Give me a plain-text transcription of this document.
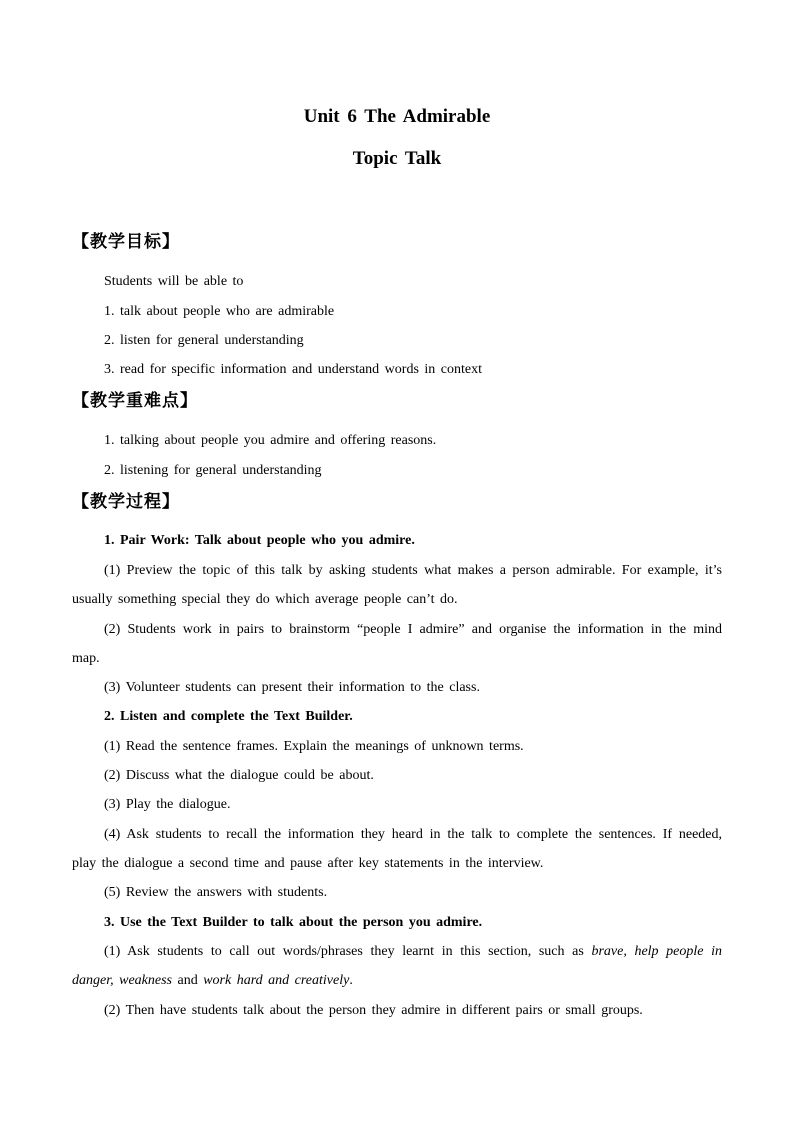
Unit 6 The Admirable
Topic Talk
【教学目标】
Students will be able to
1. talk about people who are admirable
2. listen for general understanding
3. read for specific information and understand words in context
【教学重难点】
1. talking about people you admire and offering reasons.
2. listening for general understanding
【教学过程】
1. Pair Work: Talk about people who you admire.
(1) Preview the topic of this talk by asking students what makes a person admirable. For example, it’s usually something special they do which average people can’t do.
(2) Students work in pairs to brainstorm “people I admire” and organise the information in the mind map.
(3) Volunteer students can present their information to the class.
2. Listen and complete the Text Builder.
(1) Read the sentence frames. Explain the meanings of unknown terms.
(2) Discuss what the dialogue could be about.
(3) Play the dialogue.
(4) Ask students to recall the information they heard in the talk to complete the sentences. If needed, play the dialogue a second time and pause after key statements in the interview.
(5) Review the answers with students.
3. Use the Text Builder to talk about the person you admire.
(1) Ask students to call out words/phrases they learnt in this section, such as brave, help people in danger, weakness and work hard and creatively.
(2) Then have students talk about the person they admire in different pairs or small groups.
